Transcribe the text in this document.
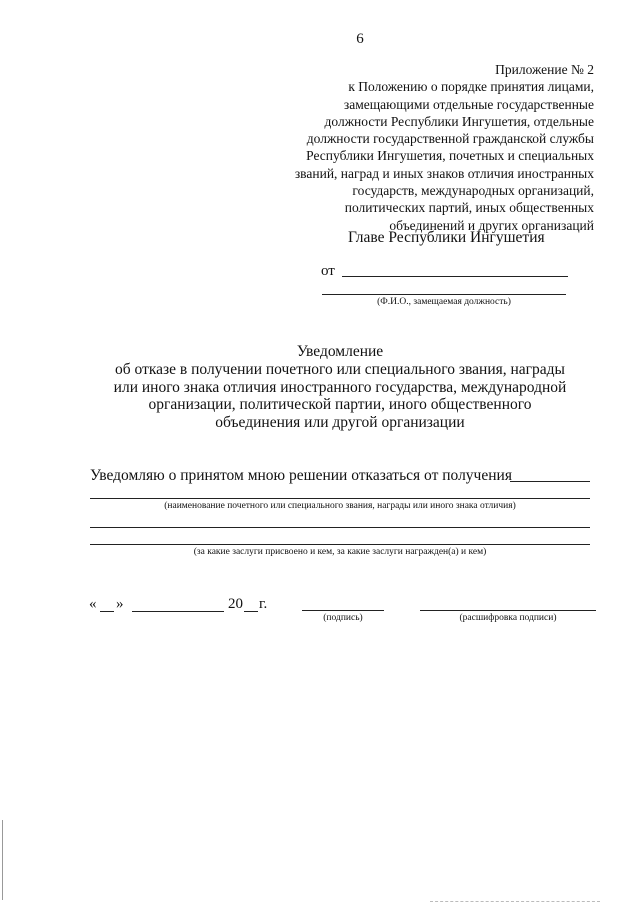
6
Приложение № 2
к Положению о порядке принятия лицами,
замещающими отдельные государственные
должности Республики Ингушетия, отдельные
должности государственной гражданской службы
Республики Ингушетия, почетных и специальных
званий, наград и иных знаков отличия иностранных
государств, международных организаций,
политических партий, иных общественных
объединений и других организаций
Главе Республики Ингушетия
от
(Ф.И.О., замещаемая должность)
Уведомление
об отказе в получении почетного или специального звания, награды
или иного знака отличия иностранного государства, международной
организации, политической партии, иного общественного
объединения или другой организации
Уведомляю о принятом мною решении отказаться от получения
(наименование почетного или специального звания, награды или иного знака отличия)
(за какие заслуги присвоено и кем, за какие заслуги награжден(а) и кем)
« »	20 г.
(подпись)	(расшифровка подписи)
